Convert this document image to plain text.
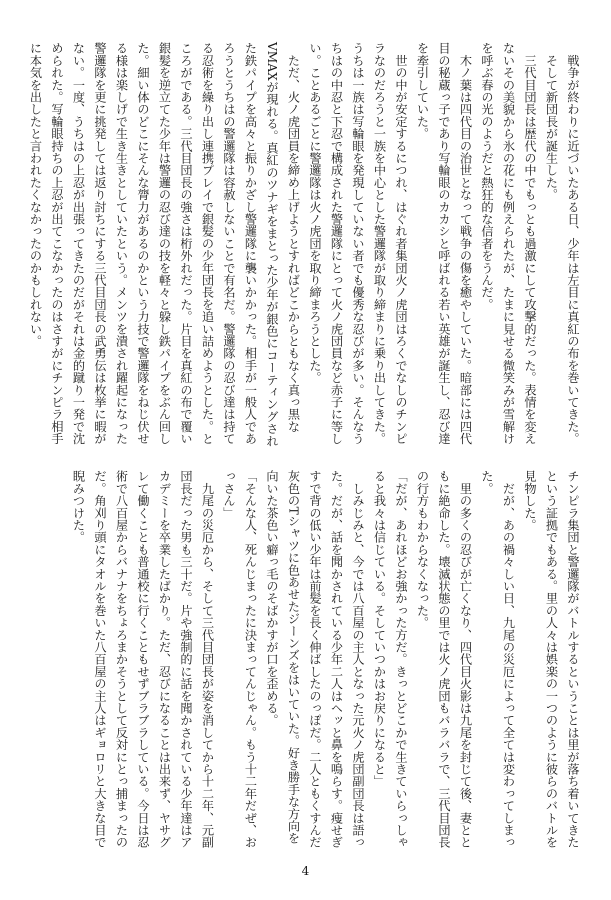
　戦争が終わりに近づいたある日、少年は左目に真紅の布を巻いてきた。

　そして新団長が誕生した。

　三代目団長は歴代の中でもっとも過激にして攻撃的だった。表情を変えないその美貌から氷の花にも例えられたが、たまに見せる微笑みが雪解けを呼ぶ春の光のようだと熱狂的な信者をうんだ。

　木ノ葉は四代目の治世となって戦争の傷を癒やしていた。暗部には四代目の秘蔵っ子であり写輪眼のカカシと呼ばれる若い英雄が誕生し、忍び達を牽引していた。

　世の中が安定するにつれ、はぐれ者集団火ノ虎団はろくでなしのチンピラなのだろうと一族を中心とした警邏隊が取り締まりに乗り出してきた。うちは一族は写輪眼を発現していない者でも優秀な忍びが多い。そんなうちはの中忍と下忍で構成された警邏隊にとって火ノ虎団員など赤子に等しい。ことあるごとに警邏隊は火ノ虎団を取り締まろうとした。

　ただ、火ノ虎団員を締め上げようとすればどこからともなく真っ黒なVMAXが現れる。真紅のツナギをまとった少年が銀色にコーティングされた鉄パイプを高々と振りかざし警邏隊に襲いかかった。相手が一般人であろうとうちはの警邏隊は容赦しないことで有名だ。警邏隊の忍び達は持てる忍術を繰り出し連携プレイで銀髪の少年団長を追い詰めようとした。ところがである。三代目団長の強さは桁外れだった。片目を真紅の布で覆い銀髪を逆立てた少年は警邏の忍び達の技を軽々と躱し鉄パイプをぶん回した。細い体のどこにそんな膂力があるのかという力技で警邏隊をねじ伏せる様は楽しげで生き生きとしていたという。メンツを潰され躍起になった警邏隊を更に挑発しては返り討ちにする三代目団長の武勇伝は枚挙に暇がない。一度、うちはの上忍が出張ってきたのだがそれは金的蹴り一発で沈められた。写輪眼持ちの上忍が出てこなかったのはさすがにチンピラ相手に本気を出したと言われたくなかったのかもしれない。

チンピラ集団と警邏隊がバトルするということは里が落ち着いてきたという証拠でもある。里の人々は娯楽の一つのように彼らのバトルを見物した。

　だが、あの禍々しい日、九尾の災厄によって全ては変わってしまった。

　里の多くの忍びが亡くなり、四代目火影は九尾を封じて後、妻とともに絶命した。壊滅状態の里では火ノ虎団もバラバラで、三代目団長の行方もわからなくなった。

「だが、あれほどお強かった方だ。きっとどこかで生きていらっしゃると我々は信じている。そしていつかはお戻りになると」

　しみじみと、今では八百屋の主人となった元火ノ虎団副団長は語った。だが、話を聞かされている少年二人はヘッと鼻を鳴らす。痩せぎすで背の低い少年は前髪を長く伸ばしたのっぽだ。二人ともくすんだ灰色のTシャツに色あせたジーンズをはいていた。好き勝手な方向を向いた茶色い癖っ毛のそばかすが口を歪める。

「そんな人、死んじまったに決まってんじゃん。もう十二年だぜ、おっさん」

　九尾の災厄から、そして三代目団長が姿を消してから十二年、元副団長だった男も三十だ。片や強制的に話を聞かされている少年達はアカデミーを卒業したばかり。ただ、忍びになることは出来ず、ヤサグレて働くことも普通校に行くこともせずブラブラしている。今日は忍術で八百屋からバナナをちょろまかそうとして反対にとっ捕まったのだ。角刈り頭にタオルを巻いた八百屋の主人はギョロリと大きな目で睨みつけた。

4
